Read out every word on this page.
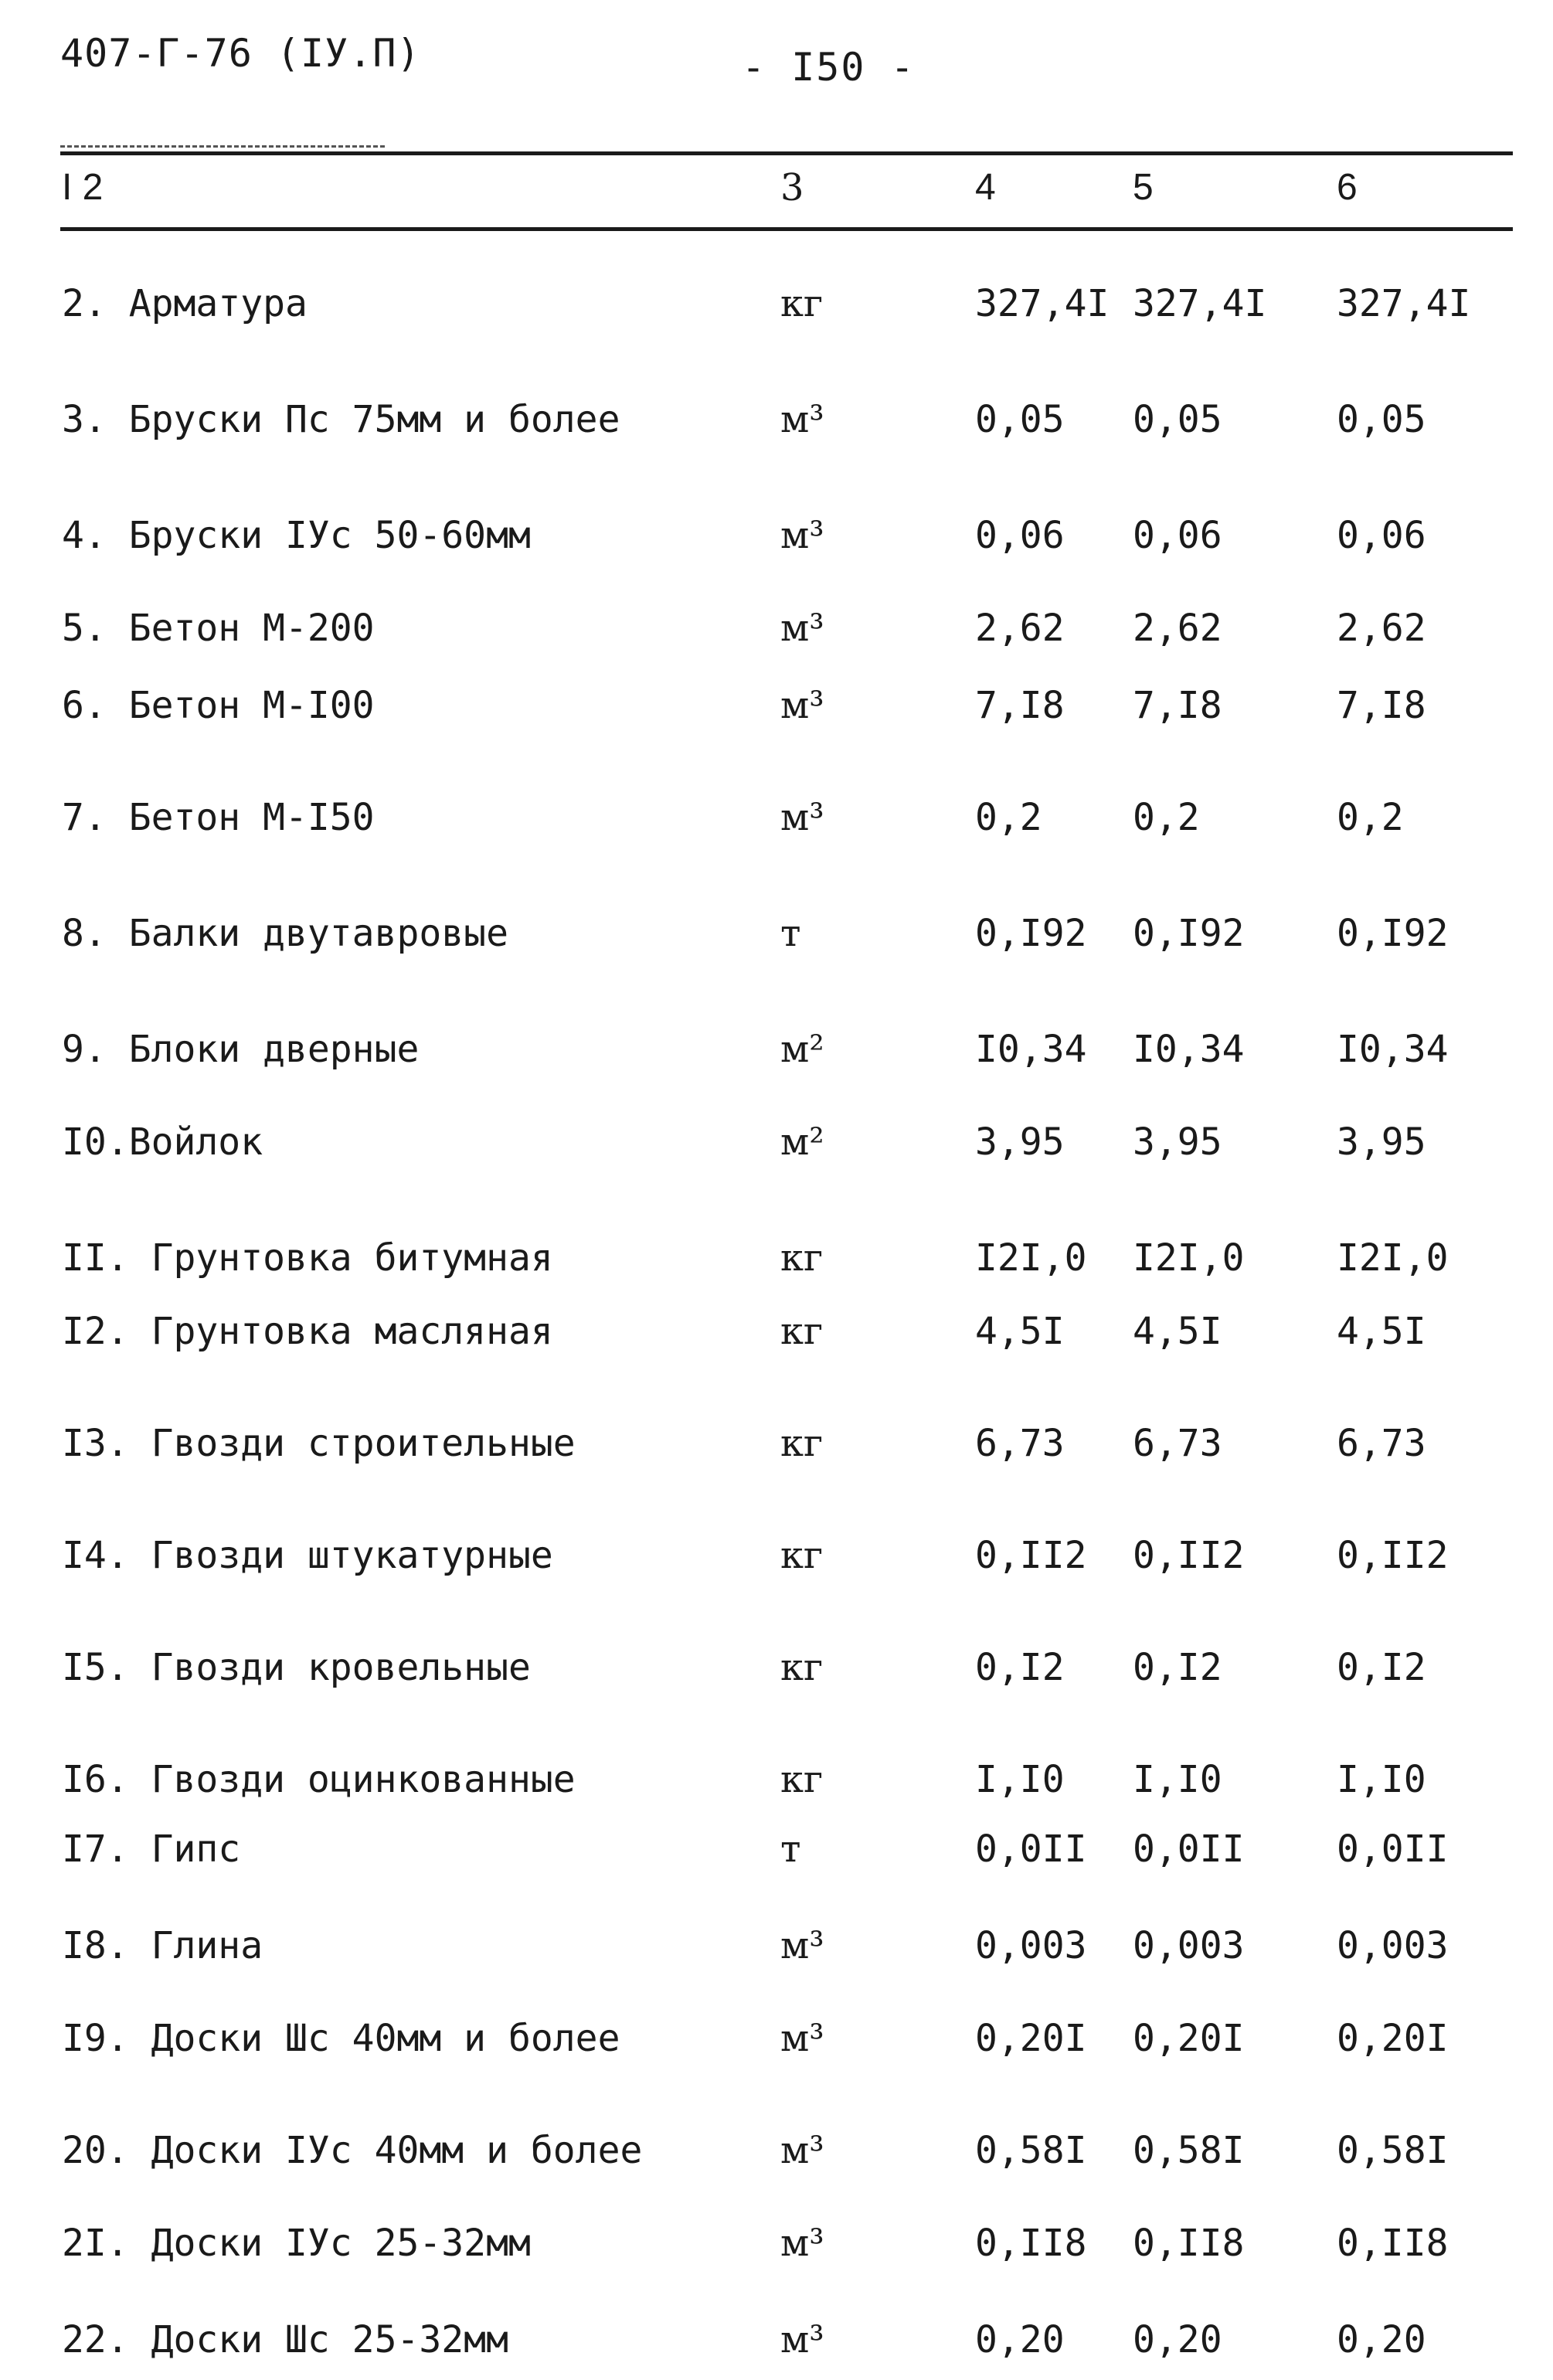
407-Г-76 (IУ.П)	- I50 -
I 2	3	4	5	6
2. Арматура	кг	327,4I 327,4I 327,4I
3. Бруски Пс 75мм и более	м³	0,05 0,05	0,05
4. Бруски IУс 50-60мм	м³	0,06 0,06	0,06
5. Бетон М-200	м³	2,62 2,62	2,62
6. Бетон М-I00	м³	7,I8 7,I8	7,I8
7. Бетон М-I50	м³	0,2 0,2	0,2
8. Балки двутавровые	т	0,I92 0,I92 0,I92
9. Блоки дверные	м²	I0,34 I0,34 I0,34
I0.Войлок	м²	3,95 3,95	3,95
II. Грунтовка битумная	кг	I2I,0 I2I,0 I2I,0
I2. Грунтовка масляная	кг	4,5I 4,5I	4,5I
I3. Гвозди строительные	кг	6,73 6,73	6,73
I4. Гвозди штукатурные	кг	0,II2 0,II2 0,II2
I5. Гвозди кровельные	кг	0,I2 0,I2	0,I2
I6. Гвозди оцинкованные	кг	I,I0 I,I0	I,I0
I7. Гипс	т	0,0II 0,0II 0,0II
I8. Глина	м³	0,003 0,003 0,003
I9. Доски Шс 40мм и более	м³	0,20I 0,20I 0,20I
20. Доски IУс 40мм и более	м³	0,58I 0,58I 0,58I
2I. Доски IУс 25-32мм	м³	0,II8 0,II8 0,II8
22. Доски Шс 25-32мм	м³	0,20 0,20	0,20
